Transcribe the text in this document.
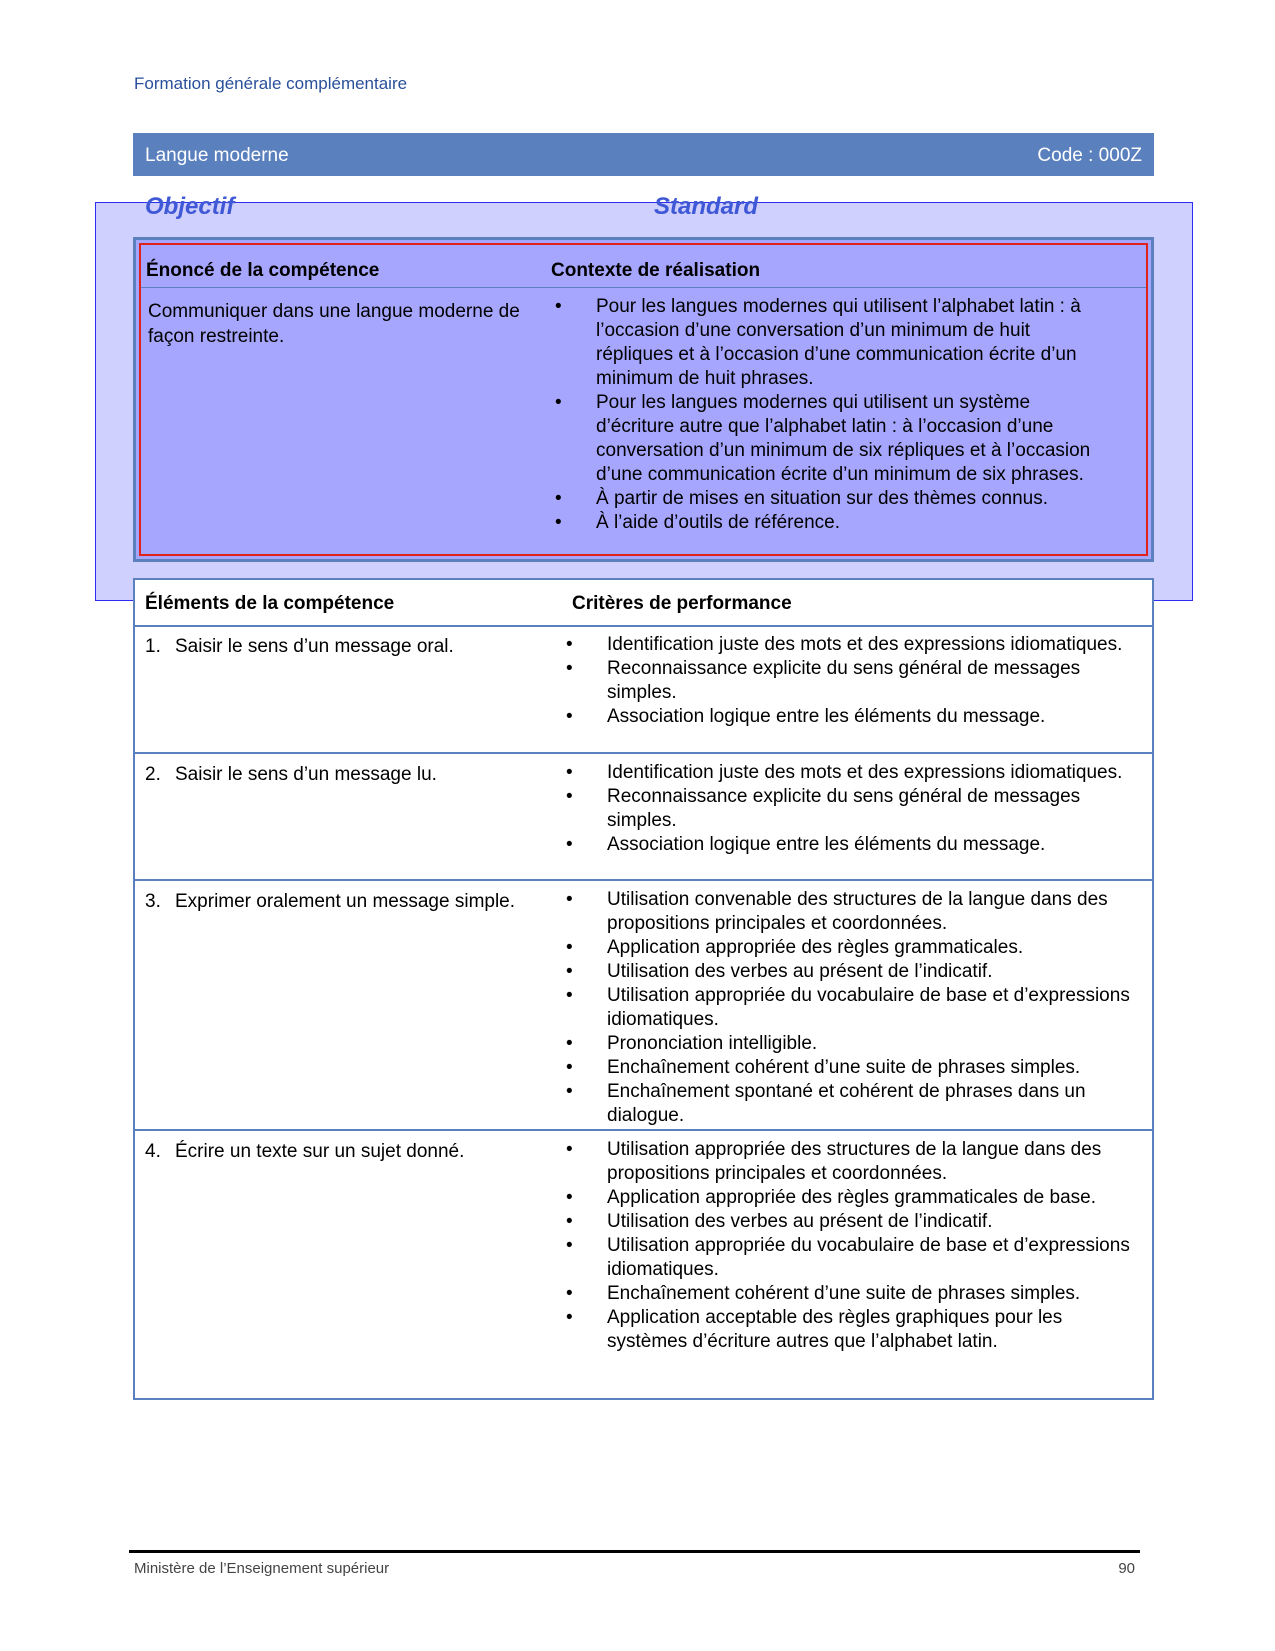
Formation générale complémentaire
Langue moderne	Code : 000Z
Objectif	Standard
Énoncé de la compétence	Contexte de réalisation
Communiquer dans une langue moderne de façon restreinte.
• Pour les langues modernes qui utilisent l’alphabet latin : à l’occasion d’une conversation d’un minimum de huit répliques et à l’occasion d’une communication écrite d’un minimum de huit phrases.
• Pour les langues modernes qui utilisent un système d’écriture autre que l’alphabet latin : à l’occasion d’une conversation d’un minimum de six répliques et à l’occasion d’une communication écrite d’un minimum de six phrases.
• À partir de mises en situation sur des thèmes connus.
• À l’aide d’outils de référence.
Éléments de la compétence	Critères de performance
1. Saisir le sens d’un message oral.	• Identification juste des mots et des expressions idiomatiques.
• Reconnaissance explicite du sens général de messages simples.
• Association logique entre les éléments du message.
2. Saisir le sens d’un message lu.	• Identification juste des mots et des expressions idiomatiques.
• Reconnaissance explicite du sens général de messages simples.
• Association logique entre les éléments du message.
3. Exprimer oralement un message simple.	• Utilisation convenable des structures de la langue dans des propositions principales et coordonnées.
• Application appropriée des règles grammaticales.
• Utilisation des verbes au présent de l’indicatif.
• Utilisation appropriée du vocabulaire de base et d’expressions idiomatiques.
• Prononciation intelligible.
• Enchaînement cohérent d’une suite de phrases simples.
• Enchaînement spontané et cohérent de phrases dans un dialogue.
4. Écrire un texte sur un sujet donné.	• Utilisation appropriée des structures de la langue dans des propositions principales et coordonnées.
• Application appropriée des règles grammaticales de base.
• Utilisation des verbes au présent de l’indicatif.
• Utilisation appropriée du vocabulaire de base et d’expressions idiomatiques.
• Enchaînement cohérent d’une suite de phrases simples.
• Application acceptable des règles graphiques pour les systèmes d’écriture autres que l’alphabet latin.
Ministère de l’Enseignement supérieur	90
